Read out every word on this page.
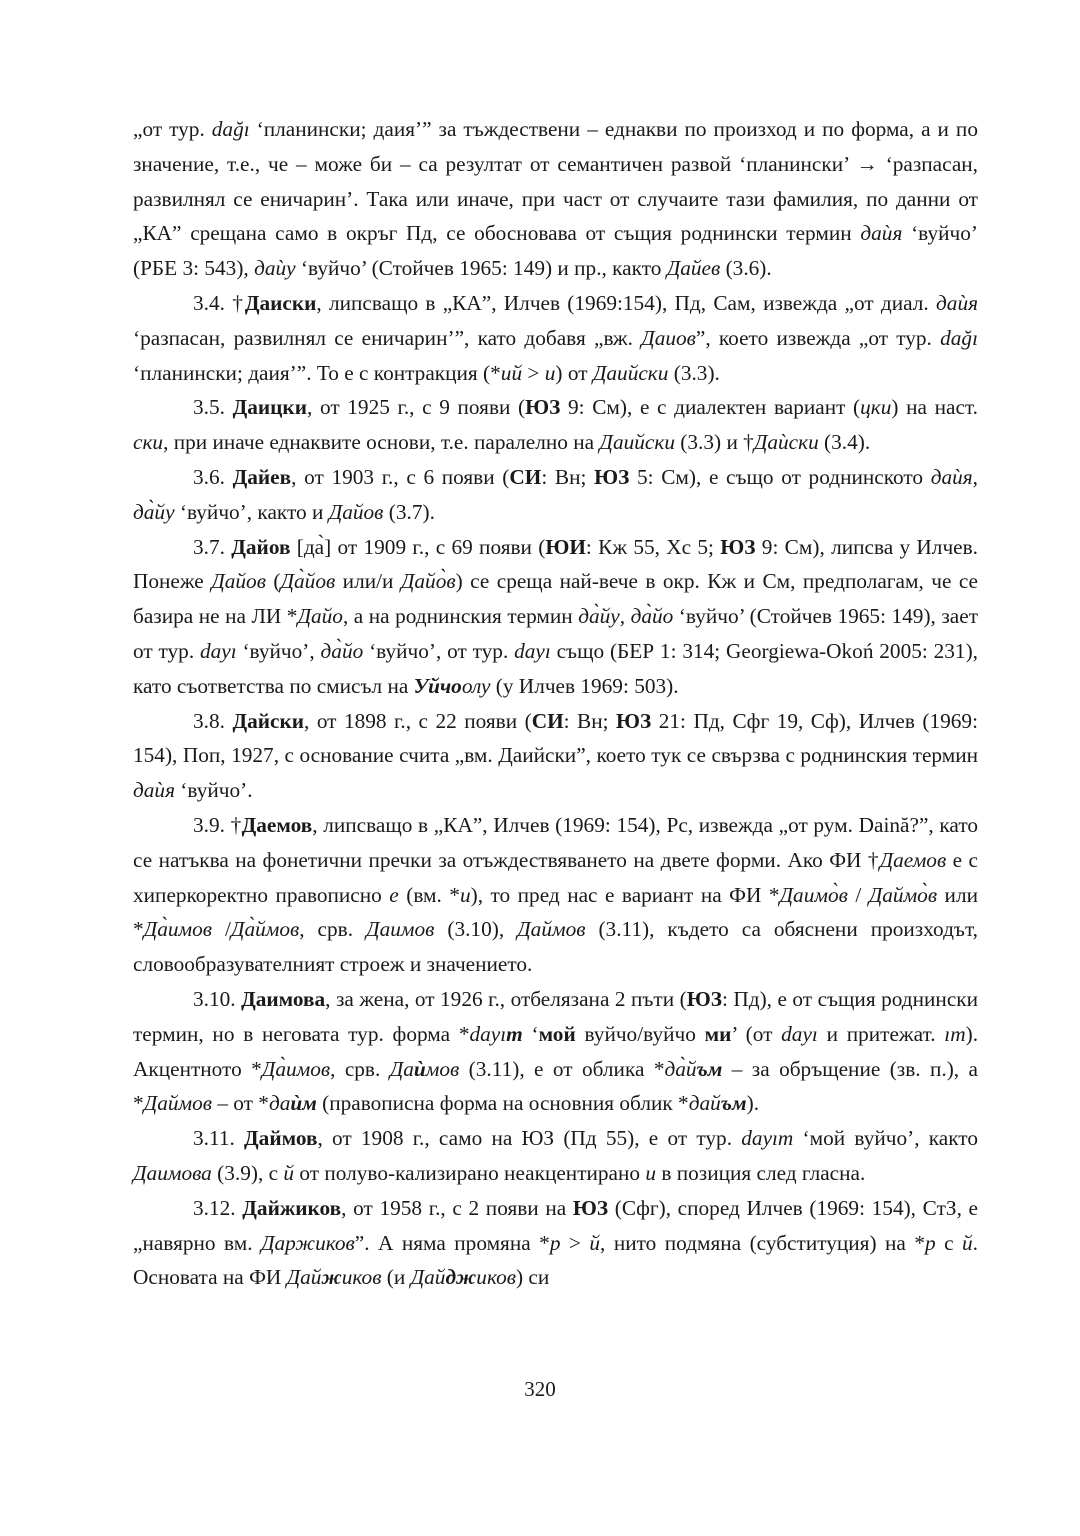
„от тур. dağı ‘планински; даия’” за тъждествени – еднакви по произход и по форма, а и по значение, т.е., че – може би – са резултат от семантичен развой ‘планински’ → ‘разпасан, развилнял се еничарин’. Така или иначе, при част от случаите тази фамилия, по данни от „КА” срещана само в окръг Пд, се обосновава от същия роднински термин даѝя ‘вуйчо’ (РБЕ 3: 543), даѝу ‘вуйчо’ (Стойчев 1965: 149) и пр., както Дайев (3.6).

3.4. †Даиски, липсващо в „КА”, Илчев (1969:154), Пд, Сам, извежда „от диал. даѝя ‘разпасан, развилнял се еничарин’”, като добавя „вж. Даиов”, което извежда „от тур. dağı ‘планински; даия’”. То е с контракция (*ий > и) от Даийски (3.3).

3.5. Даицки, от 1925 г., с 9 появи (ЮЗ 9: См), е с диалектен вариант (цки) на наст. ски, при иначе еднаквите основи, т.е. паралелно на Даийски (3.3) и †Даѝски (3.4).

3.6. Дайев, от 1903 г., с 6 появи (СИ: Вн; ЮЗ 5: См), е също от роднинското даѝя, да̀йу ‘вуйчо’, както и Дайов (3.7).

3.7. Дайов [да̀] от 1909 г., с 69 появи (ЮИ: Кж 55, Хс 5; ЮЗ 9: См), липсва у Илчев. Понеже Дайов (Да̀йов или/и Дайо̀в) се среща най-вече в окр. Кж и См, предполагам, че се базира не на ЛИ *Дайо, а на роднинския термин да̀йу, да̀йо ‘вуйчо’ (Стойчев 1965: 149), зает от тур. dayı ‘вуйчо’, да̀йо ‘вуйчо’, от тур. dayı също (БЕР 1: 314; Georgiewa-Okoń 2005: 231), като съответства по смисъл на Уйчоолу (у Илчев 1969: 503).

3.8. Дайски, от 1898 г., с 22 появи (СИ: Вн; ЮЗ 21: Пд, Сфг 19, Сф), Илчев (1969: 154), Поп, 1927, с основание счита „вм. Даийски”, което тук се свързва с роднинския термин даѝя ‘вуйчо’.

3.9. †Даемов, липсващо в „КА”, Илчев (1969: 154), Рс, извежда „от рум. Daină?”, като се натъква на фонетични пречки за отъждествяването на двете форми. Ако ФИ †Даемов е с хиперкоректно правописно е (вм. *и), то пред нас е вариант на ФИ *Даимо̀в / Даймо̀в или *Да̀имов /Да̀ймов, срв. Даимов (3.10), Даймов (3.11), където са обяснени произходът, словообразувателният строеж и значението.

3.10. Даимова, за жена, от 1926 г., отбелязана 2 пъти (ЮЗ: Пд), е от същия роднински термин, но в неговата тур. форма *dayım ‘мой вуйчо/вуйчо ми’ (от dayı и притежат. ım). Акцентното *Да̀имов, срв. Даѝмов (3.11), е от облика *да̀йъм – за обръщение (зв. п.), а *Даймов – от *даѝм (правописна форма на основния облик *дайъм).

3.11. Даймов, от 1908 г., само на ЮЗ (Пд 55), е от тур. dayım ‘мой вуйчо’, както Даимова (3.9), с й от полуво-кализирано неакцентирано и в позиция след гласна.

3.12. Дайжиков, от 1958 г., с 2 появи на ЮЗ (Сфг), според Илчев (1969: 154), СтЗ, е „навярно вм. Даржиков”. А няма промяна *р > й, нито подмяна (субституция) на *р с й. Основата на ФИ Дайжиков (и Дайджиков) си

320
